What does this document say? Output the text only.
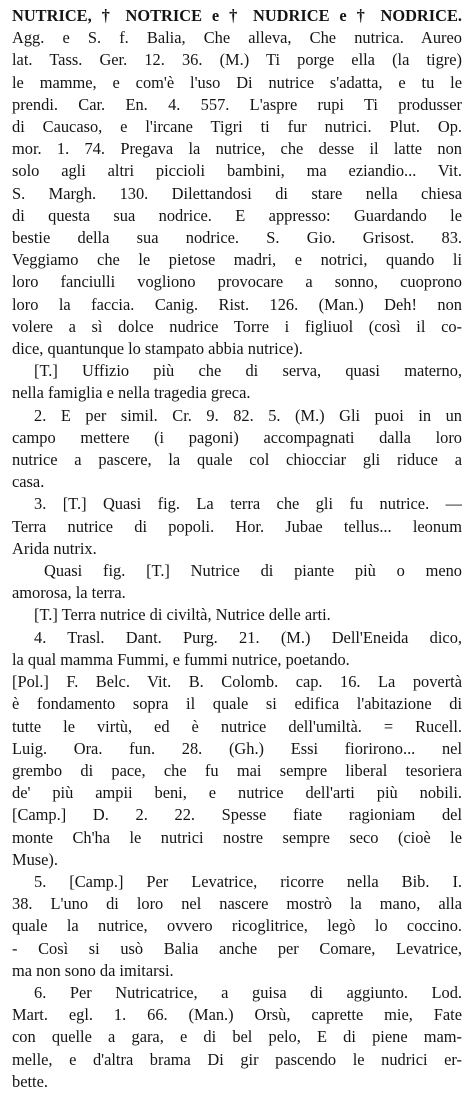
NUTRICE, † NOTRICE e † NUDRICE e † NODRICE.
Agg. e S. f. Balia, Che alleva, Che nutrica. Aureo
lat. Tass. Ger. 12. 36. (M.) Ti porge ella (la tigre)
le mamme, e com'è l'uso Di nutrice s'adatta, e tu le
prendi. Car. En. 4. 557. L'aspre rupi Ti produsser
di Caucaso, e l'ircane Tigri ti fur nutrici. Plut. Op.
mor. 1. 74. Pregava la nutrice, che desse il latte non
solo agli altri piccioli bambini, ma eziandio... Vit.
S. Margh. 130. Dilettandosi di stare nella chiesa
di questa sua nodrice. E appresso: Guardando le
bestie della sua nodrice. S. Gio. Grisost. 83.
Veggiamo che le pietose madri, e notrici, quando li
loro fanciulli vogliono provocare a sonno, cuoprono
loro la faccia. Canig. Rist. 126. (Man.) Deh! non
volere a sì dolce nudrice Torre i figliuol (così il co-
dice, quantunque lo stampato abbia nutrice).
[T.] Uffizio più che di serva, quasi materno,
nella famiglia e nella tragedia greca.
2. E per simil. Cr. 9. 82. 5. (M.) Gli puoi in un
campo mettere (i pagoni) accompagnati dalla loro
nutrice a pascere, la quale col chiocciar gli riduce a
casa.
3. [T.] Quasi fig. La terra che gli fu nutrice. —
Terra nutrice di popoli. Hor. Jubae tellus... leonum
Arida nutrix.
Quasi fig. [T.] Nutrice di piante più o meno
amorosa, la terra.
[T.] Terra nutrice di civiltà, Nutrice delle arti.
4. Trasl. Dant. Purg. 21. (M.) Dell'Eneida dico,
la qual mamma Fummi, e fummi nutrice, poetando.
[Pol.] F. Belc. Vit. B. Colomb. cap. 16. La povertà
è fondamento sopra il quale si edifica l'abitazione di
tutte le virtù, ed è nutrice dell'umiltà. = Rucell.
Luig. Ora. fun. 28. (Gh.) Essi fiorirono... nel
grembo di pace, che fu mai sempre liberal tesoriera
de' più ampii beni, e nutrice dell'arti più nobili.
[Camp.] D. 2. 22. Spesse fiate ragioniam del
monte Ch'ha le nutrici nostre sempre seco (cioè le
Muse).
5. [Camp.] Per Levatrice, ricorre nella Bib. I.
38. L'uno di loro nel nascere mostrò la mano, alla
quale la nutrice, ovvero ricoglitrice, legò lo coccino.
- Così si usò Balia anche per Comare, Levatrice,
ma non sono da imitarsi.
6. Per Nutricatrice, a guisa di aggiunto. Lod.
Mart. egl. 1. 66. (Man.) Orsù, caprette mie, Fate
con quelle a gara, e di bel pelo, E di piene mam-
melle, e d'altra brama Di gir pascendo le nudrici er-
bette.
